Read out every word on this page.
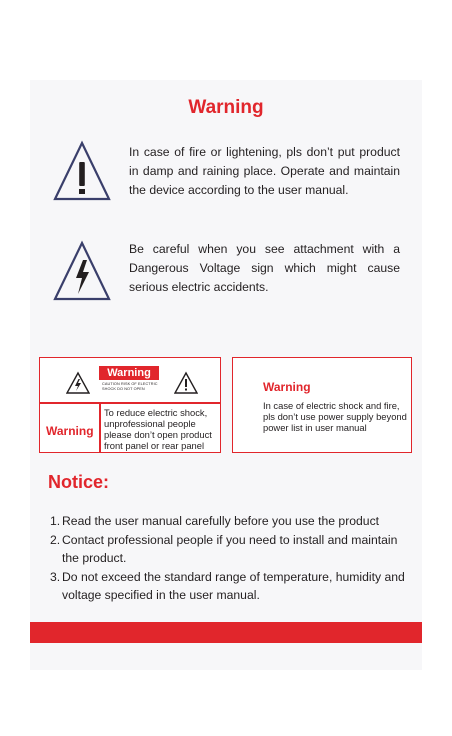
Warning
In case of fire or lightening, pls don’t put product in damp and raining place. Operate and maintain the device according to the user manual.
Be careful when you see attachment with a Dangerous Voltage sign which might cause serious electric accidents.
Warning
CAUTION RISK OF ELECTRIC
SHOCK DO NOT OPEN
Warning
To reduce electric shock, unprofessional people please don’t open product front panel or rear panel
Warning
In case of electric shock and fire, pls don’t use power supply beyond power list in user manual
Notice:
1. Read the user manual carefully before you use the product
2. Contact professional people if you need to install and maintain the product.
3. Do not exceed the standard range of temperature, humidity and voltage specified in the user manual.
